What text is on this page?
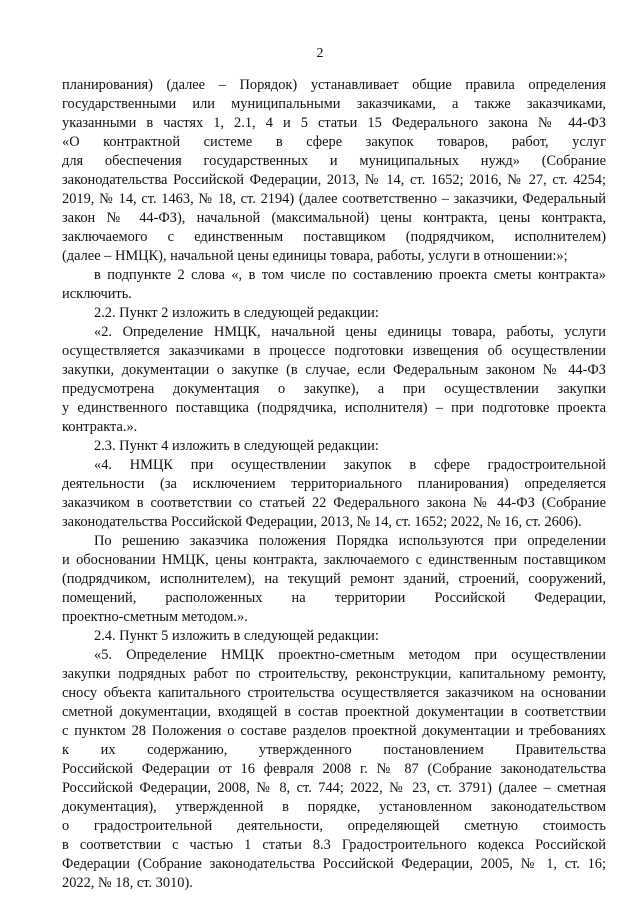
2
планирования) (далее – Порядок) устанавливает общие правила определения
государственными или муниципальными заказчиками, а также заказчиками,
указанными в частях 1, 2.1, 4 и 5 статьи 15 Федерального закона № 44-ФЗ
«О контрактной системе в сфере закупок товаров, работ, услуг
для обеспечения государственных и муниципальных нужд» (Собрание
законодательства Российской Федерации, 2013, № 14, ст. 1652; 2016, № 27, ст. 4254;
2019, № 14, ст. 1463, № 18, ст. 2194) (далее соответственно – заказчики, Федеральный
закон № 44-ФЗ), начальной (максимальной) цены контракта, цены контракта,
заключаемого с единственным поставщиком (подрядчиком, исполнителем)
(далее – НМЦК), начальной цены единицы товара, работы, услуги в отношении:»;
в подпункте 2 слова «, в том числе по составлению проекта сметы контракта»
исключить.
2.2. Пункт 2 изложить в следующей редакции:
«2. Определение НМЦК, начальной цены единицы товара, работы, услуги
осуществляется заказчиками в процессе подготовки извещения об осуществлении
закупки, документации о закупке (в случае, если Федеральным законом № 44-ФЗ
предусмотрена документация о закупке), а при осуществлении закупки
у единственного поставщика (подрядчика, исполнителя) – при подготовке проекта
контракта.».
2.3. Пункт 4 изложить в следующей редакции:
«4. НМЦК при осуществлении закупок в сфере градостроительной
деятельности (за исключением территориального планирования) определяется
заказчиком в соответствии со статьей 22 Федерального закона № 44-ФЗ (Собрание
законодательства Российской Федерации, 2013, № 14, ст. 1652; 2022, № 16, ст. 2606).
По решению заказчика положения Порядка используются при определении
и обосновании НМЦК, цены контракта, заключаемого с единственным поставщиком
(подрядчиком, исполнителем), на текущий ремонт зданий, строений, сооружений,
помещений, расположенных на территории Российской Федерации,
проектно-сметным методом.».
2.4. Пункт 5 изложить в следующей редакции:
«5. Определение НМЦК проектно-сметным методом при осуществлении
закупки подрядных работ по строительству, реконструкции, капитальному ремонту,
сносу объекта капитального строительства осуществляется заказчиком на основании
сметной документации, входящей в состав проектной документации в соответствии
с пунктом 28 Положения о составе разделов проектной документации и требованиях
к их содержанию, утвержденного постановлением Правительства
Российской Федерации от 16 февраля 2008 г. № 87 (Собрание законодательства
Российской Федерации, 2008, № 8, ст. 744; 2022, № 23, ст. 3791) (далее – сметная
документация), утвержденной в порядке, установленном законодательством
о градостроительной деятельности, определяющей сметную стоимость
в соответствии с частью 1 статьи 8.3 Градостроительного кодекса Российской
Федерации (Собрание законодательства Российской Федерации, 2005, № 1, ст. 16;
2022, № 18, ст. 3010).
